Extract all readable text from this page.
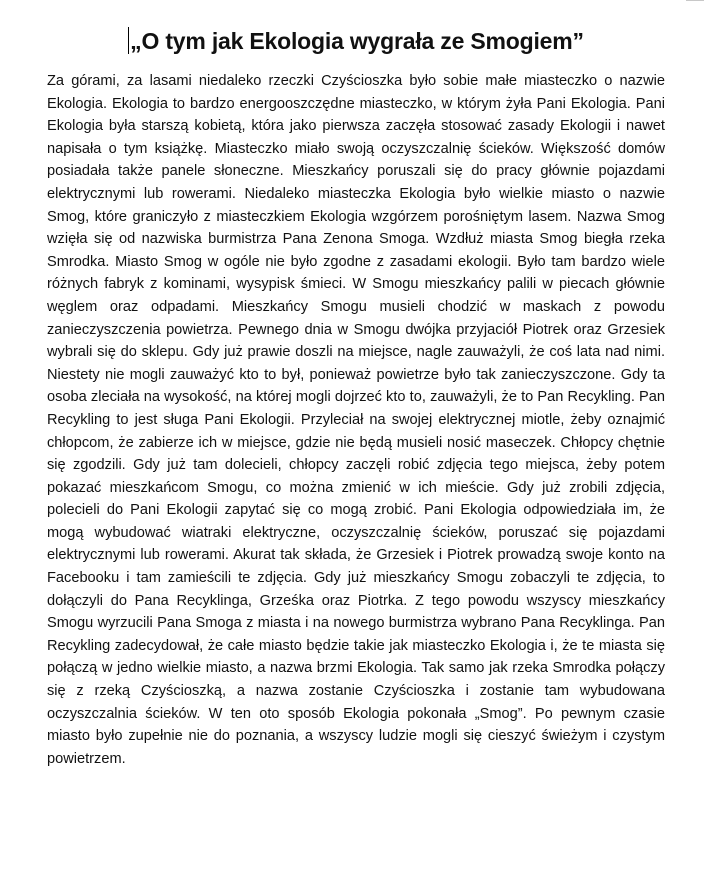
„O tym jak Ekologia wygrała ze Smogiem”

Za górami, za lasami niedaleko rzeczki Czyścioszka było sobie małe miasteczko o nazwie Ekologia. Ekologia to bardzo energooszczędne miasteczko, w którym żyła Pani Ekologia. Pani Ekologia była starszą kobietą, która jako pierwsza zaczęła stosować zasady Ekologii i nawet napisała o tym książkę. Miasteczko miało swoją oczyszczalnię ścieków. Większość domów posiadała także panele słoneczne. Mieszkańcy poruszali się do pracy głównie pojazdami elektrycznymi lub rowerami. Niedaleko miasteczka Ekologia było wielkie miasto o nazwie Smog, które graniczyło z miasteczkiem Ekologia wzgórzem porośniętym lasem. Nazwa Smog wzięła się od nazwiska burmistrza Pana Zenona Smoga. Wzdłuż miasta Smog biegła rzeka Smrodka. Miasto Smog w ogóle nie było zgodne z zasadami ekologii. Było tam bardzo wiele różnych fabryk z kominami, wysypisk śmieci. W Smogu mieszkańcy palili w piecach głównie węglem oraz odpadami. Mieszkańcy Smogu musieli chodzić w maskach z powodu zanieczyszczenia powietrza. Pewnego dnia w Smogu dwójka przyjaciół Piotrek oraz Grzesiek wybrali się do sklepu. Gdy już prawie doszli na miejsce, nagle zauważyli, że coś lata nad nimi. Niestety nie mogli zauważyć kto to był, ponieważ powietrze było tak zanieczyszczone. Gdy ta osoba zleciała na wysokość, na której mogli dojrzeć kto to, zauważyli, że to Pan Recykling. Pan Recykling to jest sługa Pani Ekologii. Przyleciał na swojej elektrycznej miotle, żeby oznajmić chłopcom, że zabierze ich w miejsce, gdzie nie będą musieli nosić maseczek. Chłopcy chętnie się zgodzili. Gdy już tam dolecieli, chłopcy zaczęli robić zdjęcia tego miejsca, żeby potem pokazać mieszkańcom Smogu, co można zmienić w ich mieście. Gdy już zrobili zdjęcia, polecieli do Pani Ekologii zapytać się co mogą zrobić. Pani Ekologia odpowiedziała im, że mogą wybudować wiatraki elektryczne, oczyszczalnię ścieków, poruszać się pojazdami elektrycznymi lub rowerami. Akurat tak składa, że Grzesiek i Piotrek prowadzą swoje konto na Facebooku i tam zamieścili te zdjęcia. Gdy już mieszkańcy Smogu zobaczyli te zdjęcia, to dołączyli do Pana Recyklinga, Grześka oraz Piotrka. Z tego powodu wszyscy mieszkańcy Smogu wyrzucili Pana Smoga z miasta i na nowego burmistrza wybrano Pana Recyklinga. Pan Recykling zadecydował, że całe miasto będzie takie jak miasteczko Ekologia i, że te miasta się połączą w jedno wielkie miasto, a nazwa brzmi Ekologia. Tak samo jak rzeka Smrodka połączy się z rzeką Czyścioszką, a nazwa zostanie Czyścioszka i zostanie tam wybudowana oczyszczalnia ścieków. W ten oto sposób Ekologia pokonała „Smog”. Po pewnym czasie miasto było zupełnie nie do poznania, a wszyscy ludzie mogli się cieszyć świeżym i czystym powietrzem.
